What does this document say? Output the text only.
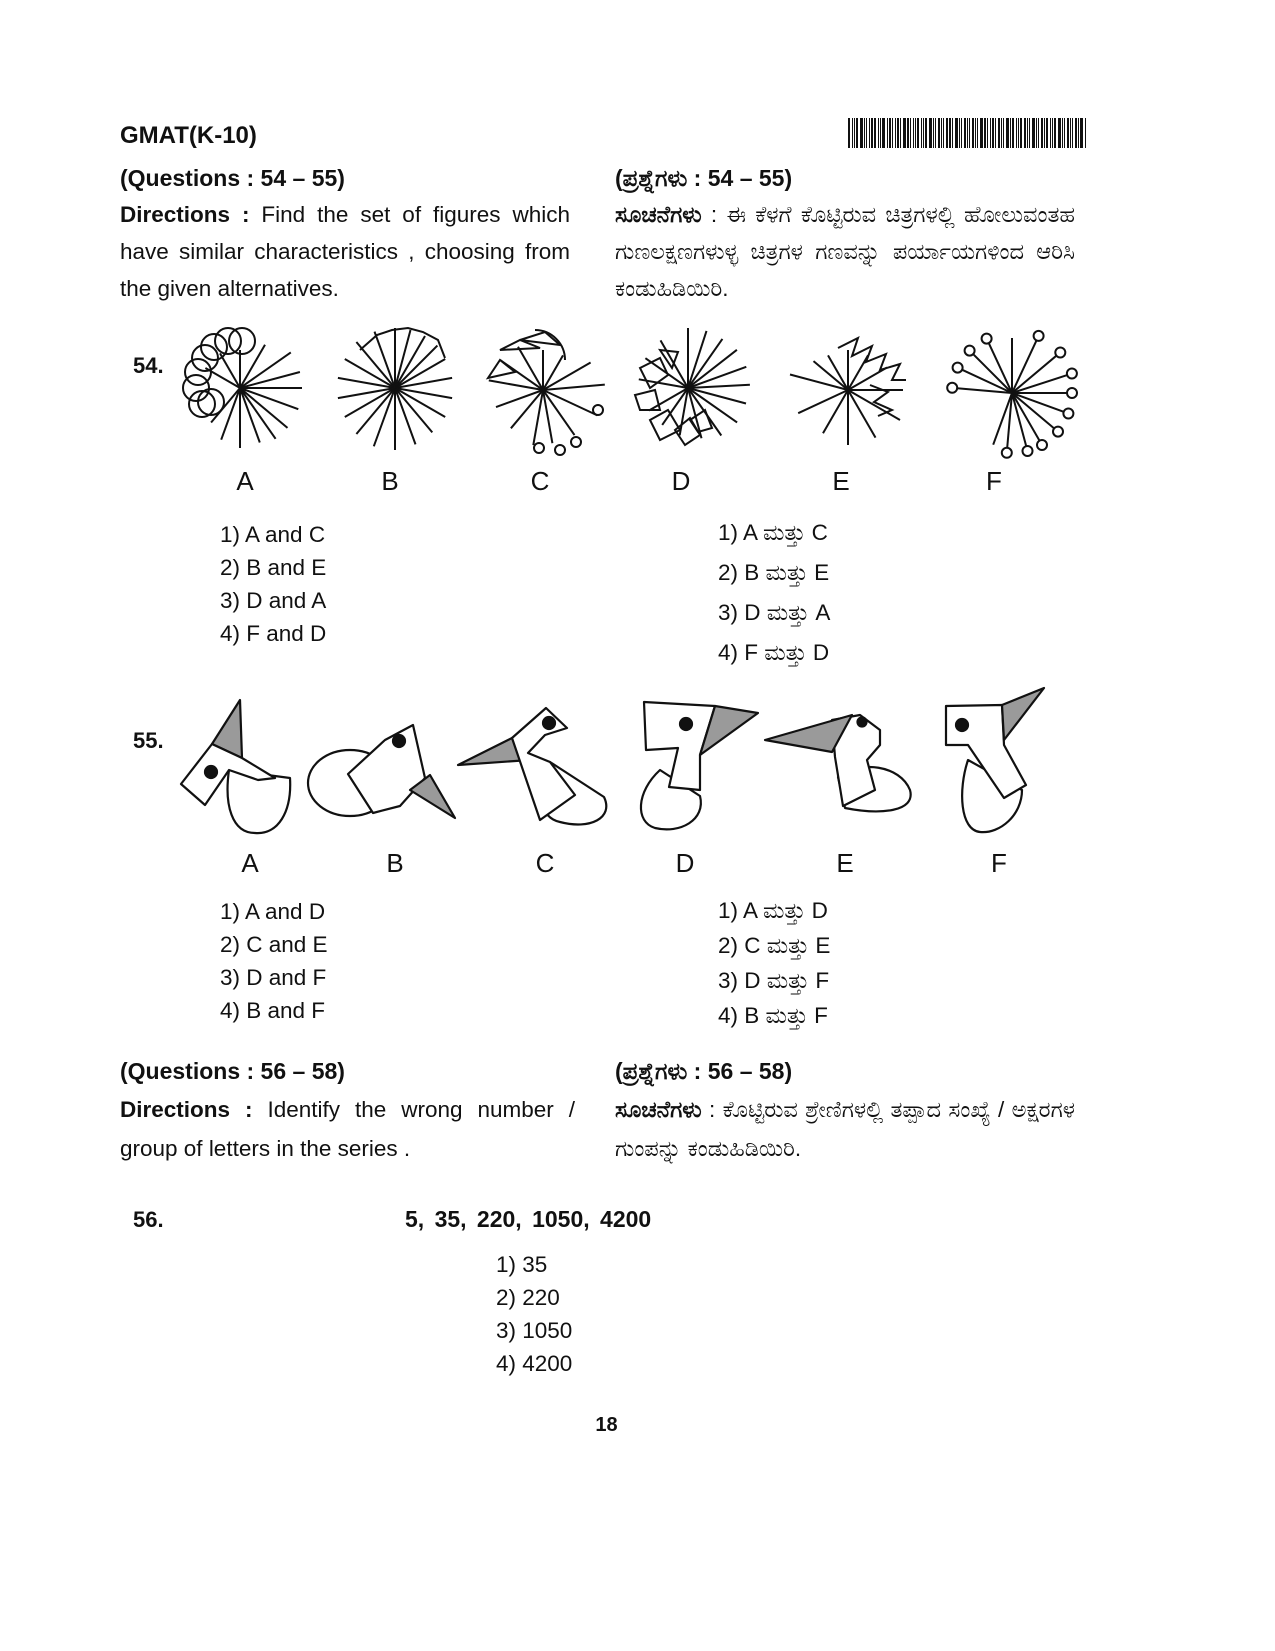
GMAT(K-10)
(Questions : 54 – 55)
Directions : Find the set of figures which have similar characteristics , choosing from the given alternatives.
(ಪ್ರಶ್ನೆಗಳು : 54 – 55)
ಸೂಚನೆಗಳು : ಈ ಕೆಳಗೆ ಕೊಟ್ಟಿರುವ ಚಿತ್ರಗಳಲ್ಲಿ ಹೋಲುವಂತಹ ಗುಣಲಕ್ಷಣಗಳುಳ್ಳ ಚಿತ್ರಗಳ ಗಣವನ್ನು ಪರ್ಯಾಯಗಳಿಂದ ಆರಿಸಿ ಕಂಡುಹಿಡಿಯಿರಿ.
54.
A	B	C	D	E	F
1) A and C
2) B and E
3) D and A
4) F and D
1) A ಮತ್ತು C
2) B ಮತ್ತು E
3) D ಮತ್ತು A
4) F ಮತ್ತು D
55.
A	B	C	D	E	F
1) A and D
2) C and E
3) D and F
4) B and F
1) A ಮತ್ತು D
2) C ಮತ್ತು E
3) D ಮತ್ತು F
4) B ಮತ್ತು F
(Questions : 56 – 58)
Directions : Identify the wrong number / group of letters in the series .
(ಪ್ರಶ್ನೆಗಳು : 56 – 58)
ಸೂಚನೆಗಳು : ಕೊಟ್ಟಿರುವ ಶ್ರೇಣಿಗಳಲ್ಲಿ ತಪ್ಪಾದ ಸಂಖ್ಯೆ / ಅಕ್ಷರಗಳ ಗುಂಪನ್ನು ಕಂಡುಹಿಡಿಯಿರಿ.
56.	5, 35, 220, 1050, 4200
1) 35
2) 220
3) 1050
4) 4200
18
